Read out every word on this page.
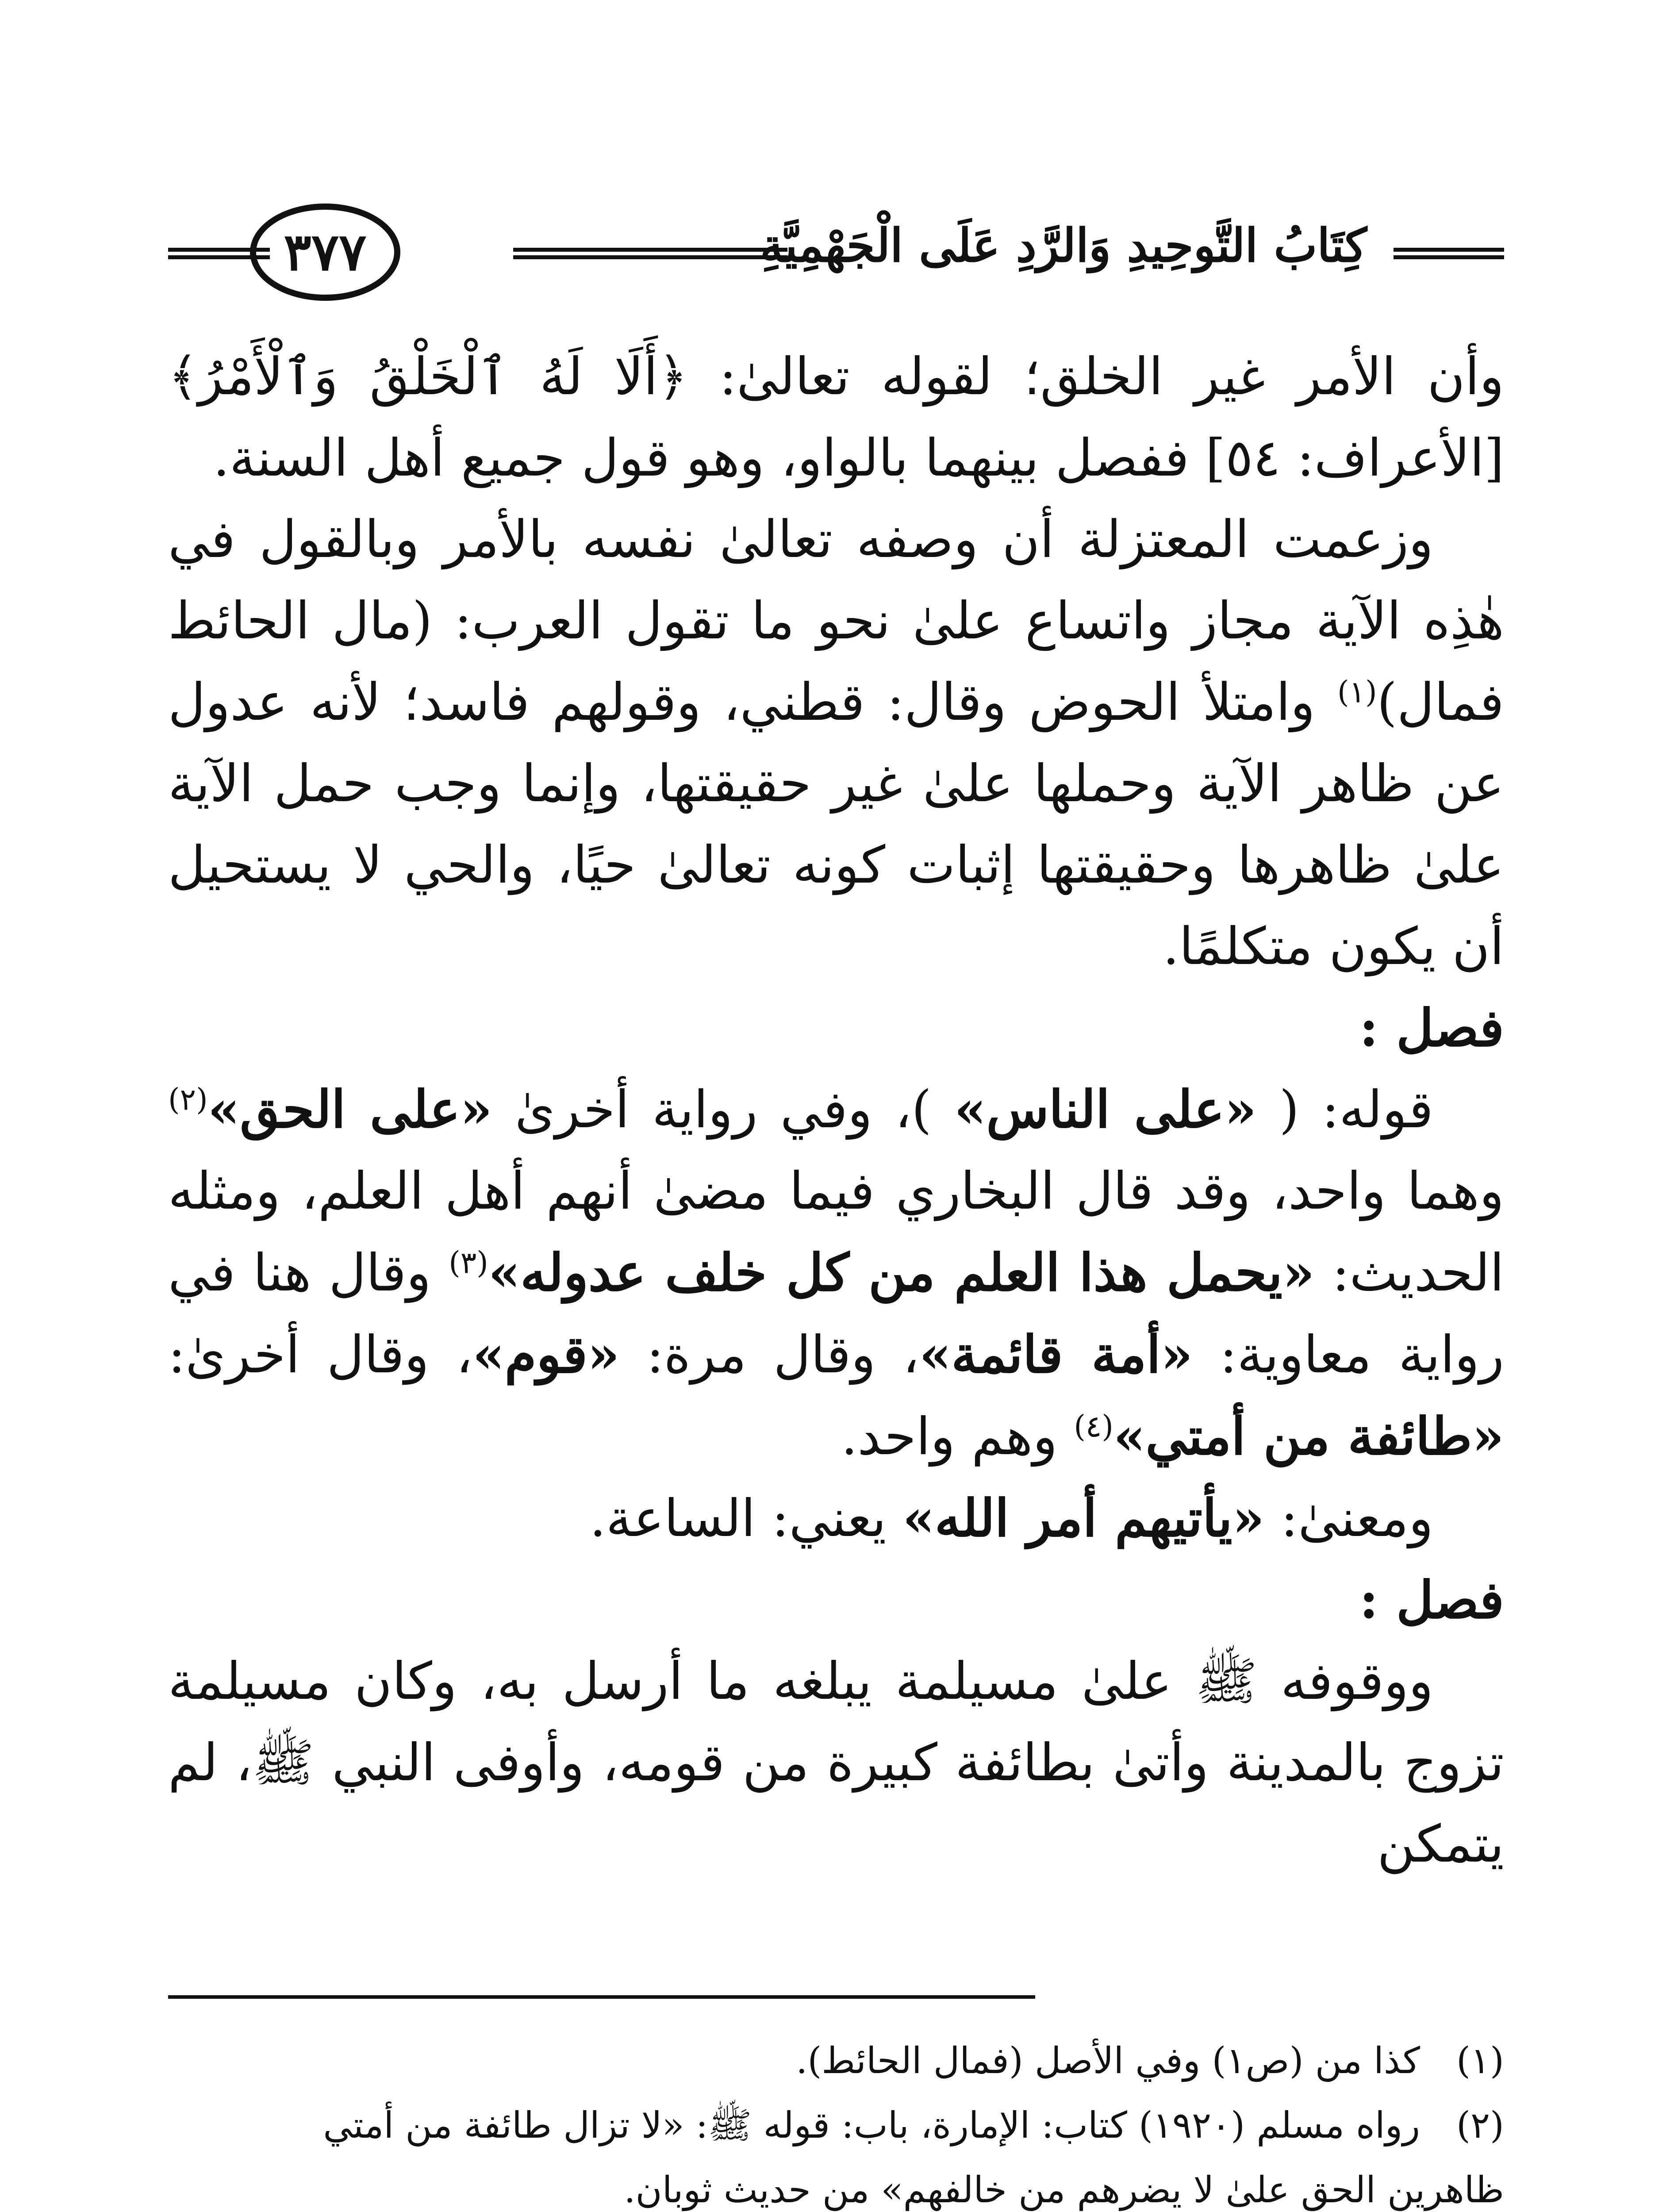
كِتَابُ التَّوحِيدِ وَالرَّدِ عَلَى الْجَهْمِيَّةِ
٣٧٧

وأن الأمر غير الخلق؛ لقوله تعالىٰ: ﴿أَلَا لَهُ ٱلْخَلْقُ وَٱلْأَمْرُ﴾ [الأعراف: ٥٤] ففصل بينهما بالواو، وهو قول جميع أهل السنة.

وزعمت المعتزلة أن وصفه تعالىٰ نفسه بالأمر وبالقول في هٰذِه الآية مجاز واتساع علىٰ نحو ما تقول العرب: (مال الحائط فمال)$^{(١)}$ وامتلأ الحوض وقال: قطني، وقولهم فاسد؛ لأنه عدول عن ظاهر الآية وحملها علىٰ غير حقيقتها، وإنما وجب حمل الآية علىٰ ظاهرها وحقيقتها إثبات كونه تعالىٰ حيًا، والحي لا يستحيل أن يكون متكلمًا.

فصل :

قوله: ( «على الناس» )، وفي رواية أخرىٰ «على الحق»$^{(٢)}$ وهما واحد، وقد قال البخاري فيما مضىٰ أنهم أهل العلم، ومثله الحديث: «يحمل هذا العلم من كل خلف عدوله»$^{(٣)}$ وقال هنا في رواية معاوية: «أمة قائمة»، وقال مرة: «قوم»، وقال أخرىٰ: «طائفة من أمتي»$^{(٤)}$ وهم واحد.

ومعنىٰ: «يأتيهم أمر الله» يعني: الساعة.

فصل :

ووقوفه ﷺ علىٰ مسيلمة يبلغه ما أرسل به، وكان مسيلمة تزوج بالمدينة وأتىٰ بطائفة كبيرة من قومه، وأوفى النبي ﷺ، لم يتمكن

(١)كذا من (ص١) وفي الأصل (فمال الحائط).

(٢)رواه مسلم (١٩٢٠) كتاب: الإمارة، باب: قوله ﷺ: «لا تزال طائفة من أمتي

ظاهرين الحق علىٰ لا يضرهم من خالفهم» من حديث ثوبان.
